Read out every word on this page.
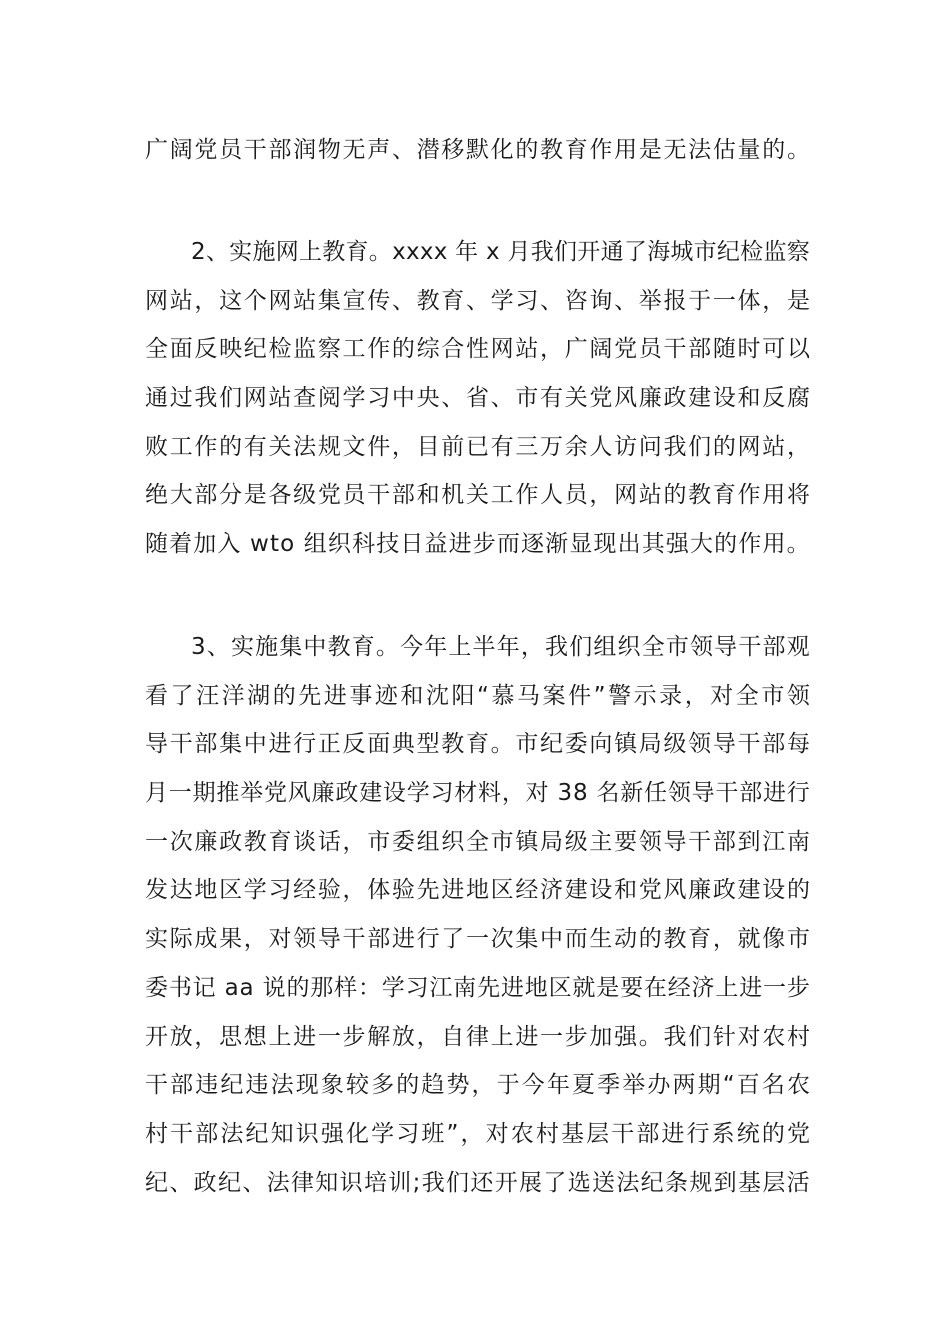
广阔党员干部润物无声、潜移默化的教育作用是无法估量的。
2、实施网上教育。xxxx 年 x 月我们开通了海城市纪检监察
网站，这个网站集宣传、教育、学习、咨询、举报于一体，是
全面反映纪检监察工作的综合性网站，广阔党员干部随时可以
通过我们网站查阅学习中央、省、市有关党风廉政建设和反腐
败工作的有关法规文件，目前已有三万余人访问我们的网站，
绝大部分是各级党员干部和机关工作人员，网站的教育作用将
随着加入 wto 组织科技日益进步而逐渐显现出其强大的作用。
3、实施集中教育。今年上半年，我们组织全市领导干部观
看了汪洋湖的先进事迹和沈阳“慕马案件”警示录，对全市领
导干部集中进行正反面典型教育。市纪委向镇局级领导干部每
月一期推举党风廉政建设学习材料，对 38 名新任领导干部进行
一次廉政教育谈话，市委组织全市镇局级主要领导干部到江南
发达地区学习经验，体验先进地区经济建设和党风廉政建设的
实际成果，对领导干部进行了一次集中而生动的教育，就像市
委书记 aa 说的那样：学习江南先进地区就是要在经济上进一步
开放，思想上进一步解放，自律上进一步加强。我们针对农村
干部违纪违法现象较多的趋势，于今年夏季举办两期“百名农
村干部法纪知识强化学习班”，对农村基层干部进行系统的党
纪、政纪、法律知识培训;我们还开展了选送法纪条规到基层活
